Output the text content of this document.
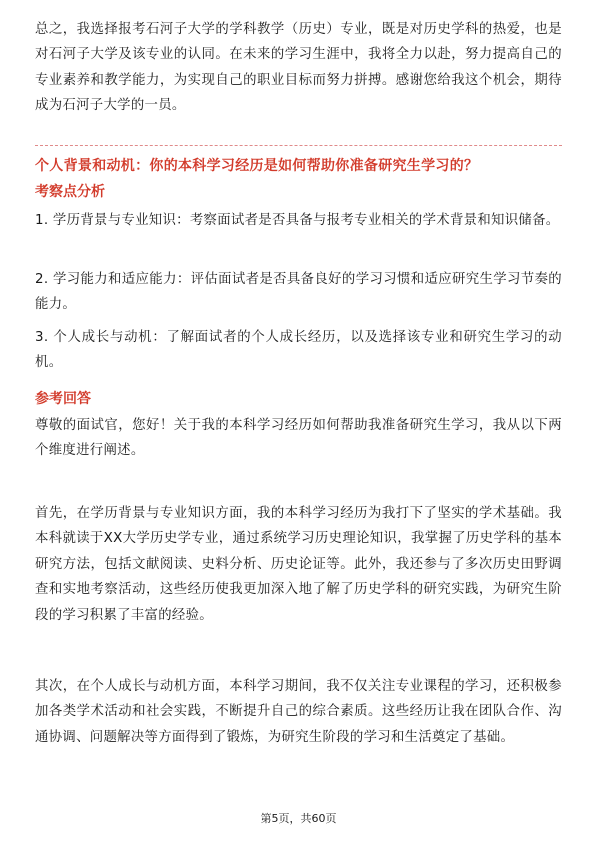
总之，我选择报考石河子大学的学科教学（历史）专业，既是对历史学科的热爱，也是对石河子大学及该专业的认同。在未来的学习生涯中，我将全力以赴，努力提高自己的专业素养和教学能力，为实现自己的职业目标而努力拼搏。感谢您给我这个机会，期待成为石河子大学的一员。

个人背景和动机：你的本科学习经历是如何帮助你准备研究生学习的？
考察点分析

1. 学历背景与专业知识：考察面试者是否具备与报考专业相关的学术背景和知识储备。

2. 学习能力和适应能力：评估面试者是否具备良好的学习习惯和适应研究生学习节奏的能力。

3. 个人成长与动机：了解面试者的个人成长经历，以及选择该专业和研究生学习的动机。

参考回答

尊敬的面试官，您好！关于我的本科学习经历如何帮助我准备研究生学习，我从以下两个维度进行阐述。

首先，在学历背景与专业知识方面，我的本科学习经历为我打下了坚实的学术基础。我本科就读于XX大学历史学专业，通过系统学习历史理论知识，我掌握了历史学科的基本研究方法，包括文献阅读、史料分析、历史论证等。此外，我还参与了多次历史田野调查和实地考察活动，这些经历使我更加深入地了解了历史学科的研究实践，为研究生阶段的学习积累了丰富的经验。

其次，在个人成长与动机方面，本科学习期间，我不仅关注专业课程的学习，还积极参加各类学术活动和社会实践，不断提升自己的综合素质。这些经历让我在团队合作、沟通协调、问题解决等方面得到了锻炼，为研究生阶段的学习和生活奠定了基础。

第5页，共60页
